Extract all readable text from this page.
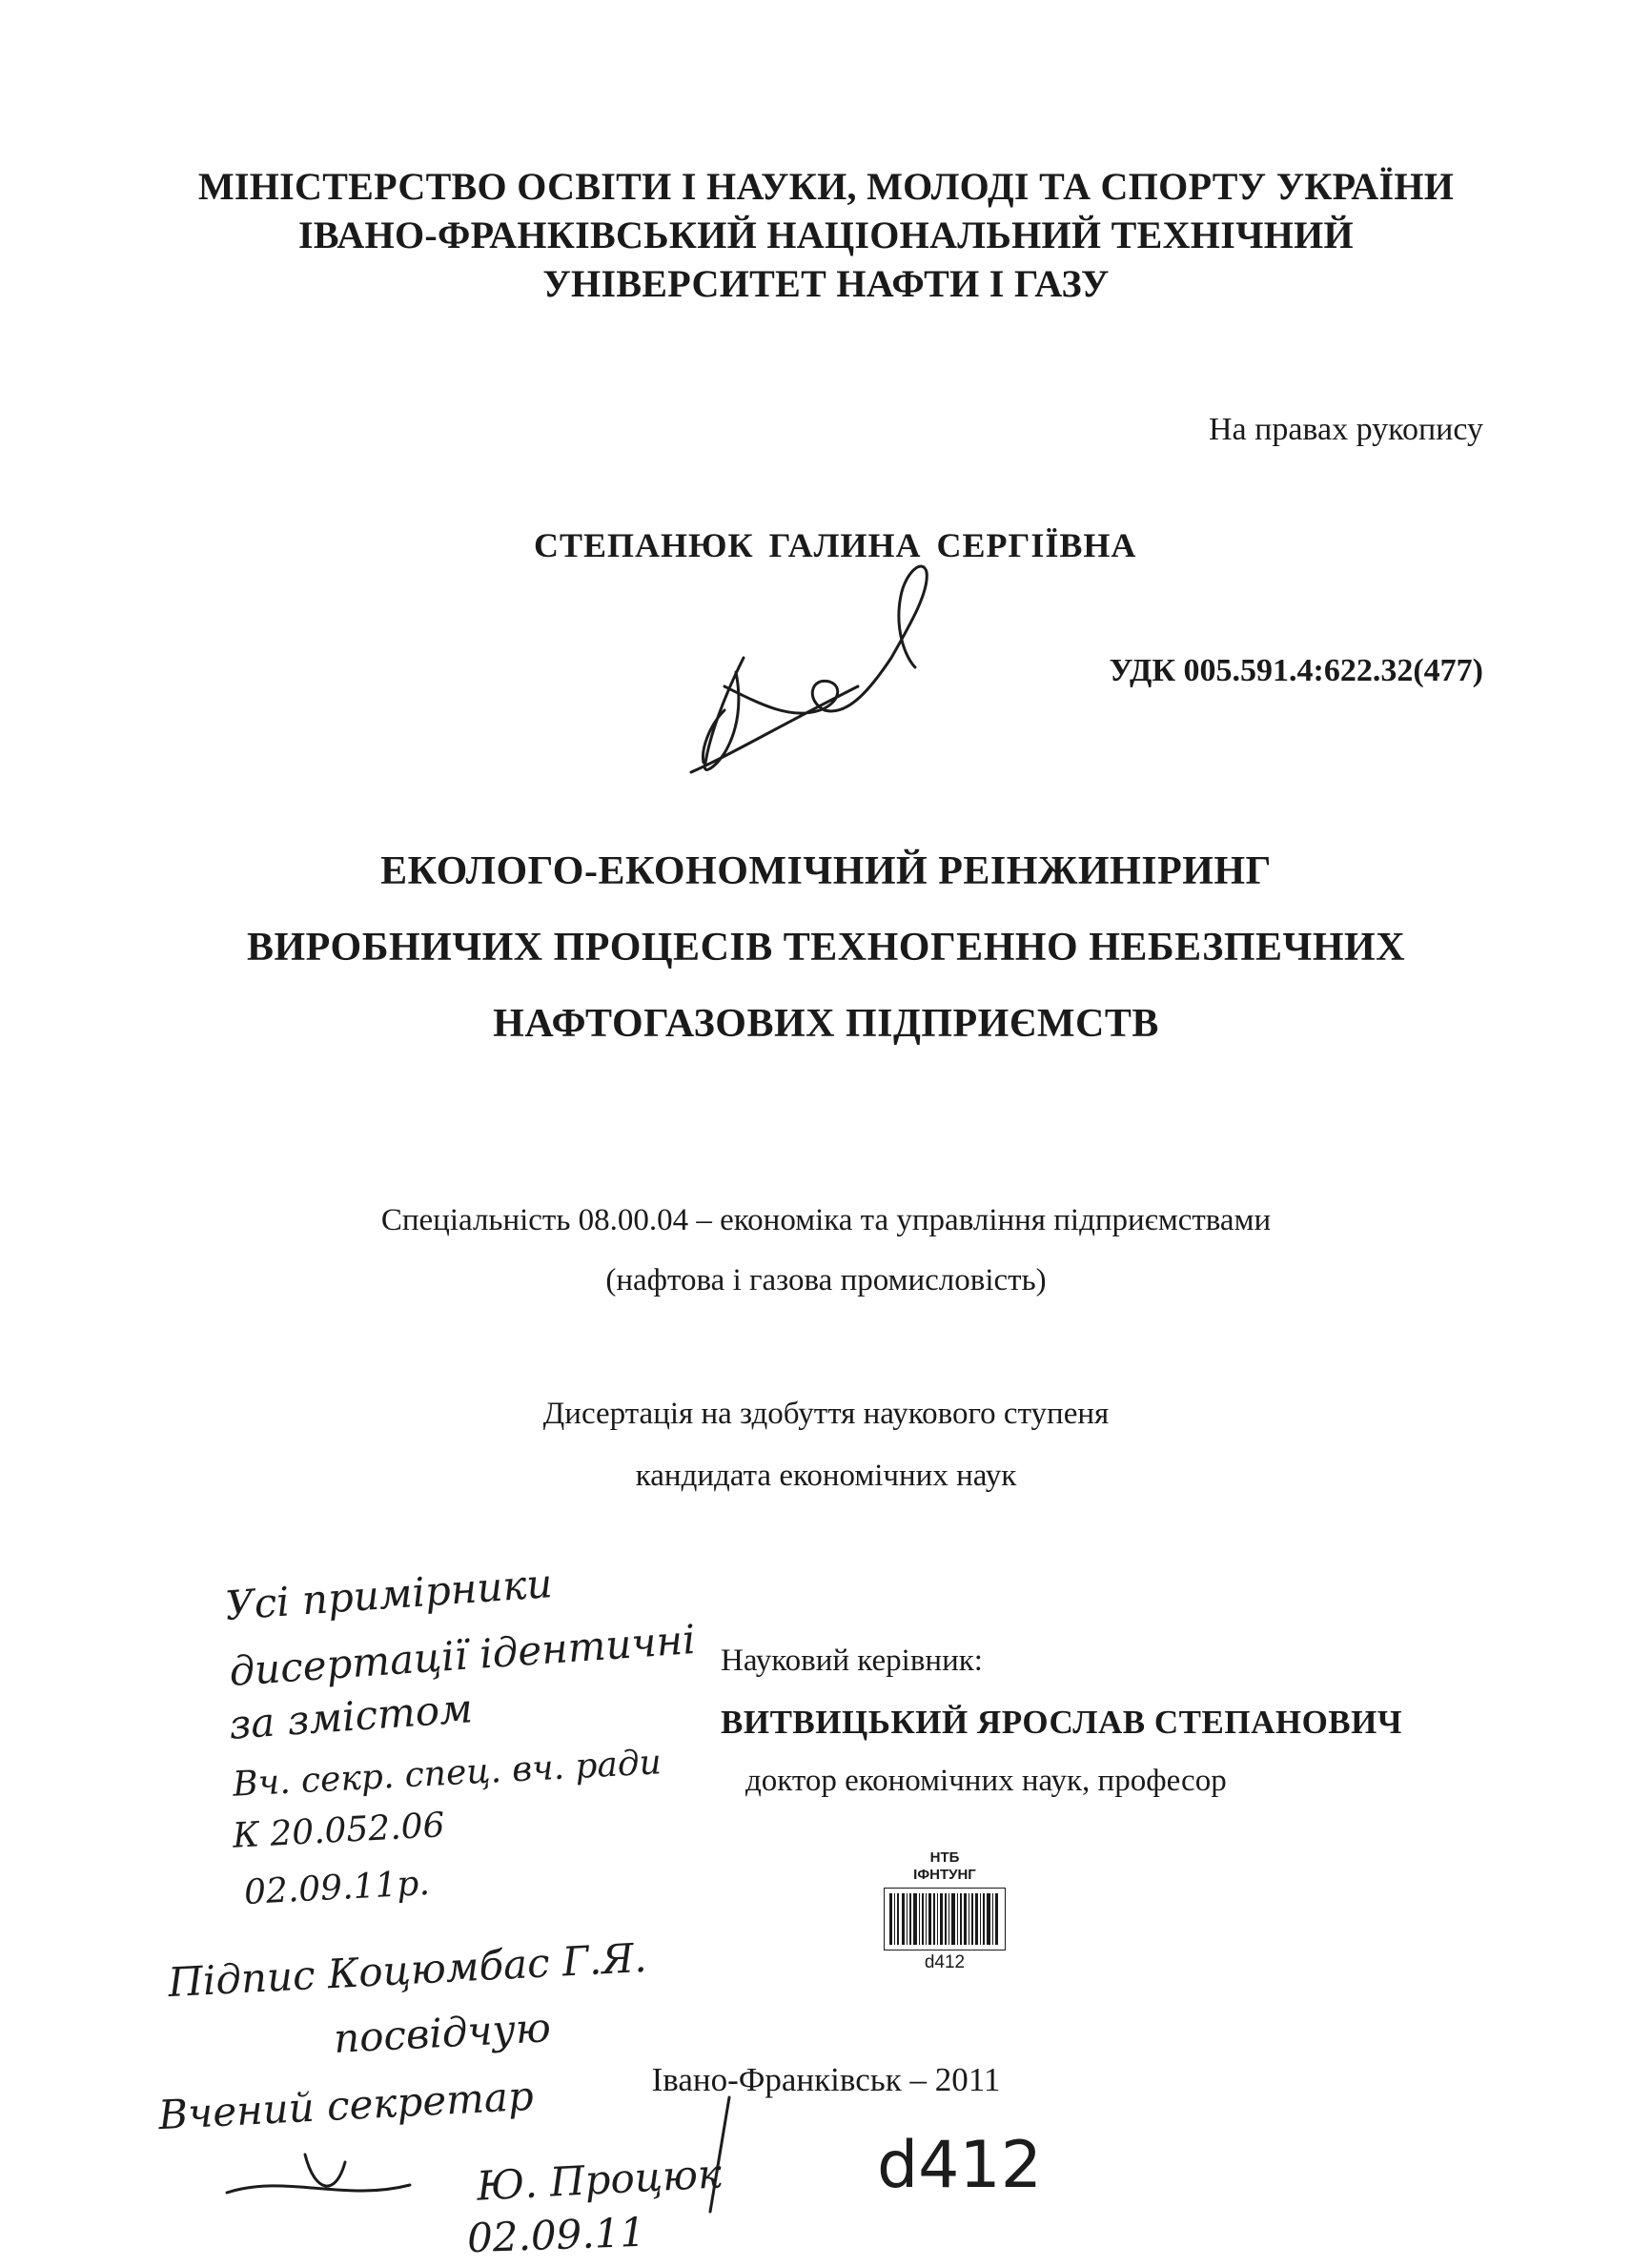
МІНІСТЕРСТВО ОСВІТИ І НАУКИ, МОЛОДІ ТА СПОРТУ УКРАЇНИ
ІВАНО-ФРАНКІВСЬКИЙ НАЦІОНАЛЬНИЙ ТЕХНІЧНИЙ
УНІВЕРСИТЕТ НАФТИ І ГАЗУ
На правах рукопису
СТЕПАНЮК ГАЛИНА СЕРГІЇВНА
УДК 005.591.4:622.32(477)
ЕКОЛОГО-ЕКОНОМІЧНИЙ РЕІНЖИНІРИНГ
ВИРОБНИЧИХ ПРОЦЕСІВ ТЕХНОГЕННО НЕБЕЗПЕЧНИХ
НАФТОГАЗОВИХ ПІДПРИЄМСТВ
Спеціальність 08.00.04 – економіка та управління підприємствами
(нафтова і газова промисловість)
Дисертація на здобуття наукового ступеня
кандидата економічних наук
Науковий керівник:
ВИТВИЦЬКИЙ ЯРОСЛАВ СТЕПАНОВИЧ
доктор економічних наук, професор
НТБ
ІФНТУНГ
d412
Івано-Франківськ – 2011
Усі примірники
дисертації ідентичні
за змістом
Вч. секр. спец. вч. ради
К 20.052.06
02.09.11р.
Підпис Коцюмбас Г.Я.
посвідчую
Вчений секретар
Ю. Процюк
02.09.11
d412
